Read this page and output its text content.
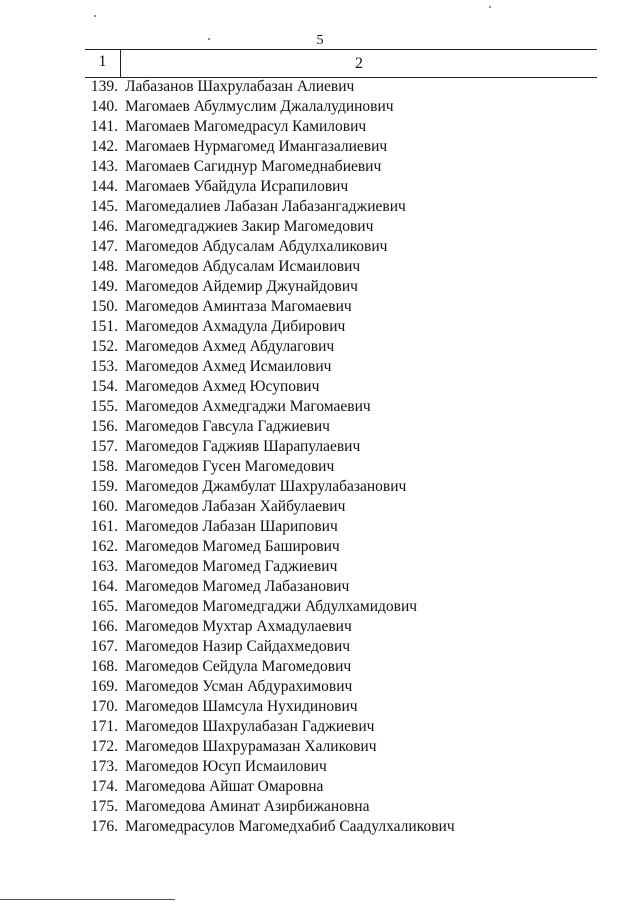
5
1	2
139. Лабазанов Шахрулабазан Алиевич
140. Магомаев Абулмуслим Джалалудинович
141. Магомаев Магомедрасул Камилович
142. Магомаев Нурмагомед Имангазалиевич
143. Магомаев Сагиднур Магомеднабиевич
144. Магомаев Убайдула Исрапилович
145. Магомедалиев Лабазан Лабазангаджиевич
146. Магомедгаджиев Закир Магомедович
147. Магомедов Абдусалам Абдулхаликович
148. Магомедов Абдусалам Исмаилович
149. Магомедов Айдемир Джунайдович
150. Магомедов Аминтаза Магомаевич
151. Магомедов Ахмадула Дибирович
152. Магомедов Ахмед Абдулагович
153. Магомедов Ахмед Исмаилович
154. Магомедов Ахмед Юсупович
155. Магомедов Ахмедгаджи Магомаевич
156. Магомедов Гавсула Гаджиевич
157. Магомедов Гаджияв Шарапулаевич
158. Магомедов Гусен Магомедович
159. Магомедов Джамбулат Шахрулабазанович
160. Магомедов Лабазан Хайбулаевич
161. Магомедов Лабазан Шарипович
162. Магомедов Магомед Баширович
163. Магомедов Магомед Гаджиевич
164. Магомедов Магомед Лабазанович
165. Магомедов Магомедгаджи Абдулхамидович
166. Магомедов Мухтар Ахмадулаевич
167. Магомедов Назир Сайдахмедович
168. Магомедов Сейдула Магомедович
169. Магомедов Усман Абдурахимович
170. Магомедов Шамсула Нухидинович
171. Магомедов Шахрулабазан Гаджиевич
172. Магомедов Шахрурамазан Халикович
173. Магомедов Юсуп Исмаилович
174. Магомедова Айшат Омаровна
175. Магомедова Аминат Азирбижановна
176. Магомедрасулов Магомедхабиб Саадулхаликович
